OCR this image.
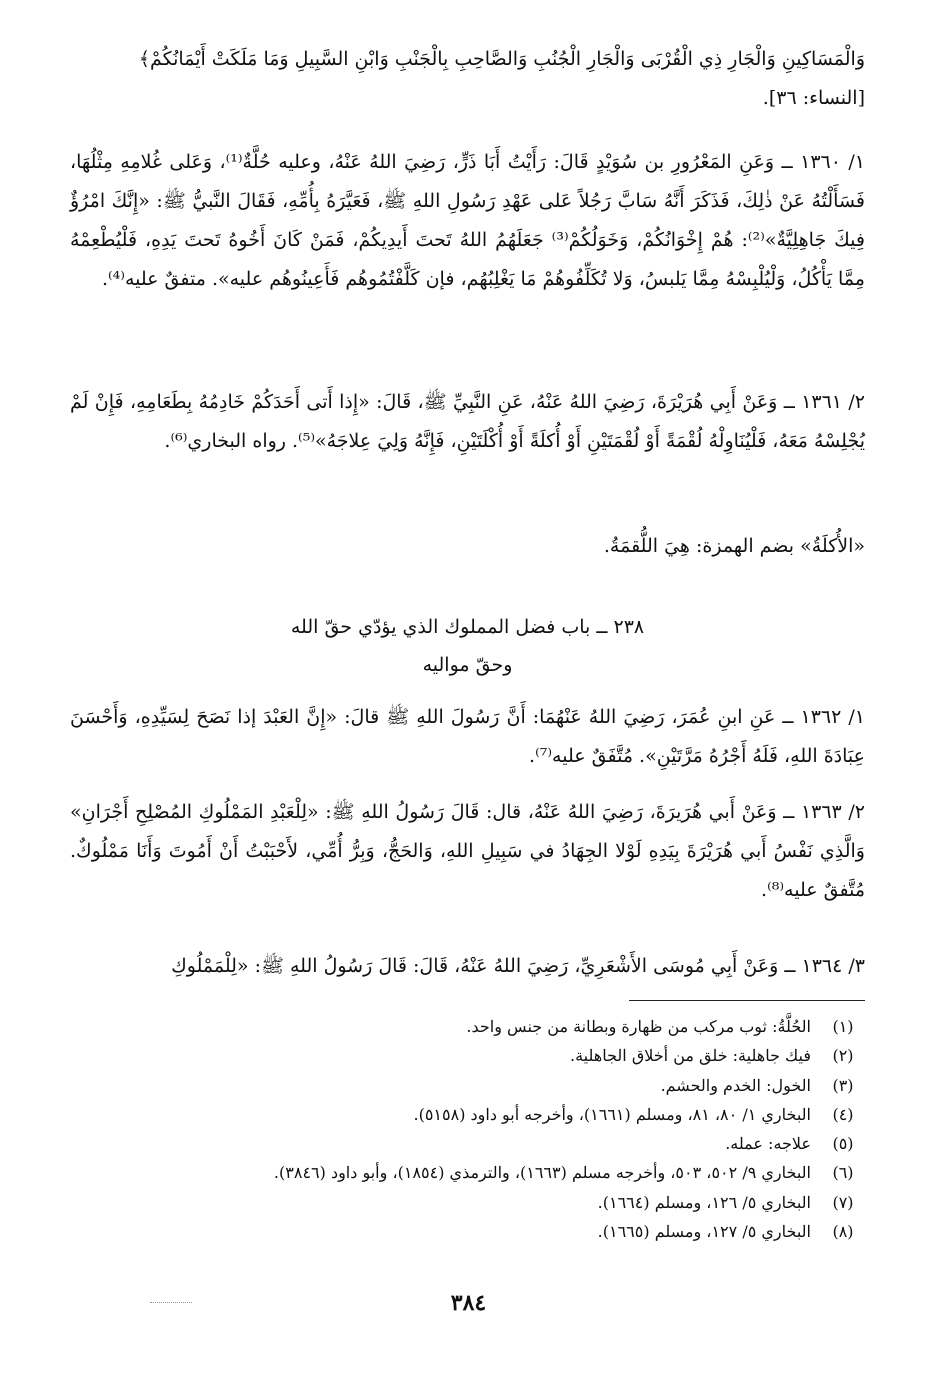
وَالْمَسَاكِينِ وَالْجَارِ ذِي الْقُرْبَى وَالْجَارِ الْجُنُبِ وَالصَّاحِبِ بِالْجَنْبِ وَابْنِ السَّبِيلِ وَمَا مَلَكَتْ أَيْمَانُكُمْ﴾

[النساء: ٣٦].

١/ ١٣٦٠ ــ وَعَنِ المَعْرُورِ بن سُوَيْدٍ قَالَ: رَأَيْتُ أَبَا ذَرٍّ، رَضِيَ اللهُ عَنْهُ، وعليه حُلَّةٌ⁽¹⁾، وَعَلى غُلامِهِ مِثْلُهَا، فَسَأَلْتُهُ عَنْ ذٰلِكَ، فَذَكَرَ أَنَّهُ سَابَّ رَجُلاً عَلى عَهْدِ رَسُولِ اللهِ ﷺ، فَعَيَّرَهُ بِأُمِّهِ، فَقَالَ النَّبيُّ ﷺ: «إِنَّكَ امْرُؤٌ فِيكَ جَاهِلِيَّةٌ»⁽²⁾: هُمْ إِخْوَانُكُمْ، وَخَوَلُكُمْ⁽³⁾ جَعَلَهُمُ اللهُ تَحتَ أَيدِيكُمْ، فَمَنْ كَانَ أَخُوهُ تَحتَ يَدِهِ، فَلْيُطْعِمْهُ مِمَّا يَأْكُلُ، وَلْيُلْبِسْهُ مِمَّا يَلبسُ، وَلا تُكَلِّفُوهُمْ مَا يَغْلِبُهُم، فإن كَلَّفْتُمُوهُم فَأَعِينُوهُم عليه». متفقٌ عليه⁽⁴⁾.

٢/ ١٣٦١ ــ وَعَنْ أَبِي هُرَيْرَةَ، رَضِيَ اللهُ عَنْهُ، عَنِ النَّبِيِّ ﷺ، قَالَ: «إِذا أَتى أَحَدَكُمْ خَادِمُهُ بِطَعَامِهِ، فَإِنْ لَمْ يُجْلِسْهُ مَعَهُ، فَلْيُنَاوِلْهُ لُقْمَةً أَوْ لُقْمَتَيْنِ أَوْ أُكلَةً أَوْ أُكْلَتَيْنِ، فَإِنَّهُ وَلِيَ عِلاجَهُ»⁽⁵⁾. رواه البخاري⁽⁶⁾.

«الأُكلَةُ» بضم الهمزة: هِيَ اللُّقمَةُ.

٢٣٨ ــ باب فضل المملوك الذي يؤدّي حقّ الله

وحقّ مواليه

١/ ١٣٦٢ ــ عَنِ ابنِ عُمَرَ، رَضِيَ اللهُ عَنْهُمَا: أَنَّ رَسُولَ اللهِ ﷺ قالَ: «إِنَّ العَبْدَ إذا نَصَحَ لِسَيِّدِهِ، وَأَحْسَنَ عِبَادَةَ اللهِ، فَلَهُ أَجْرُهُ مَرَّتَيْنِ». مُتَّفَقٌ عليه⁽⁷⁾.

٢/ ١٣٦٣ ــ وَعَنْ أَبي هُرَيرَةَ، رَضِيَ اللهُ عَنْهُ، قال: قَالَ رَسُولُ اللهِ ﷺ: «لِلْعَبْدِ المَمْلُوكِ المُصْلِحِ أَجْرَانِ» وَالَّذِي نَفْسُ أَبي هُرَيْرَةَ بِيَدِهِ لَوْلا الجِهَادُ في سَبِيلِ اللهِ، وَالحَجُّ، وَبِرُّ أُمِّي، لأَحْبَبْتُ أَنْ أَمُوتَ وَأَنَا مَمْلُوكٌ. مُتَّفقٌ عليه⁽⁸⁾.

٣/ ١٣٦٤ ــ وَعَنْ أَبِي مُوسَى الأَشْعَرِيِّ، رَضِيَ اللهُ عَنْهُ، قَالَ: قَالَ رَسُولُ اللهِ ﷺ: «لِلْمَمْلُوكِ

(١)
الحُلَّةُ: ثوب مركب من ظهارة وبطانة من جنس واحد.
(٢)
فيك جاهلية: خلق من أخلاق الجاهلية.
(٣)
الخول: الخدم والحشم.
(٤)
البخاري ١/ ٨٠، ٨١، ومسلم (١٦٦١)، وأخرجه أبو داود (٥١٥٨).
(٥)
علاجه: عمله.
(٦)
البخاري ٩/ ٥٠٢، ٥٠٣، وأخرجه مسلم (١٦٦٣)، والترمذي (١٨٥٤)، وأبو داود (٣٨٤٦).
(٧)
البخاري ٥/ ١٢٦، ومسلم (١٦٦٤).
(٨)
البخاري ٥/ ١٢٧، ومسلم (١٦٦٥).
٣٨٤
